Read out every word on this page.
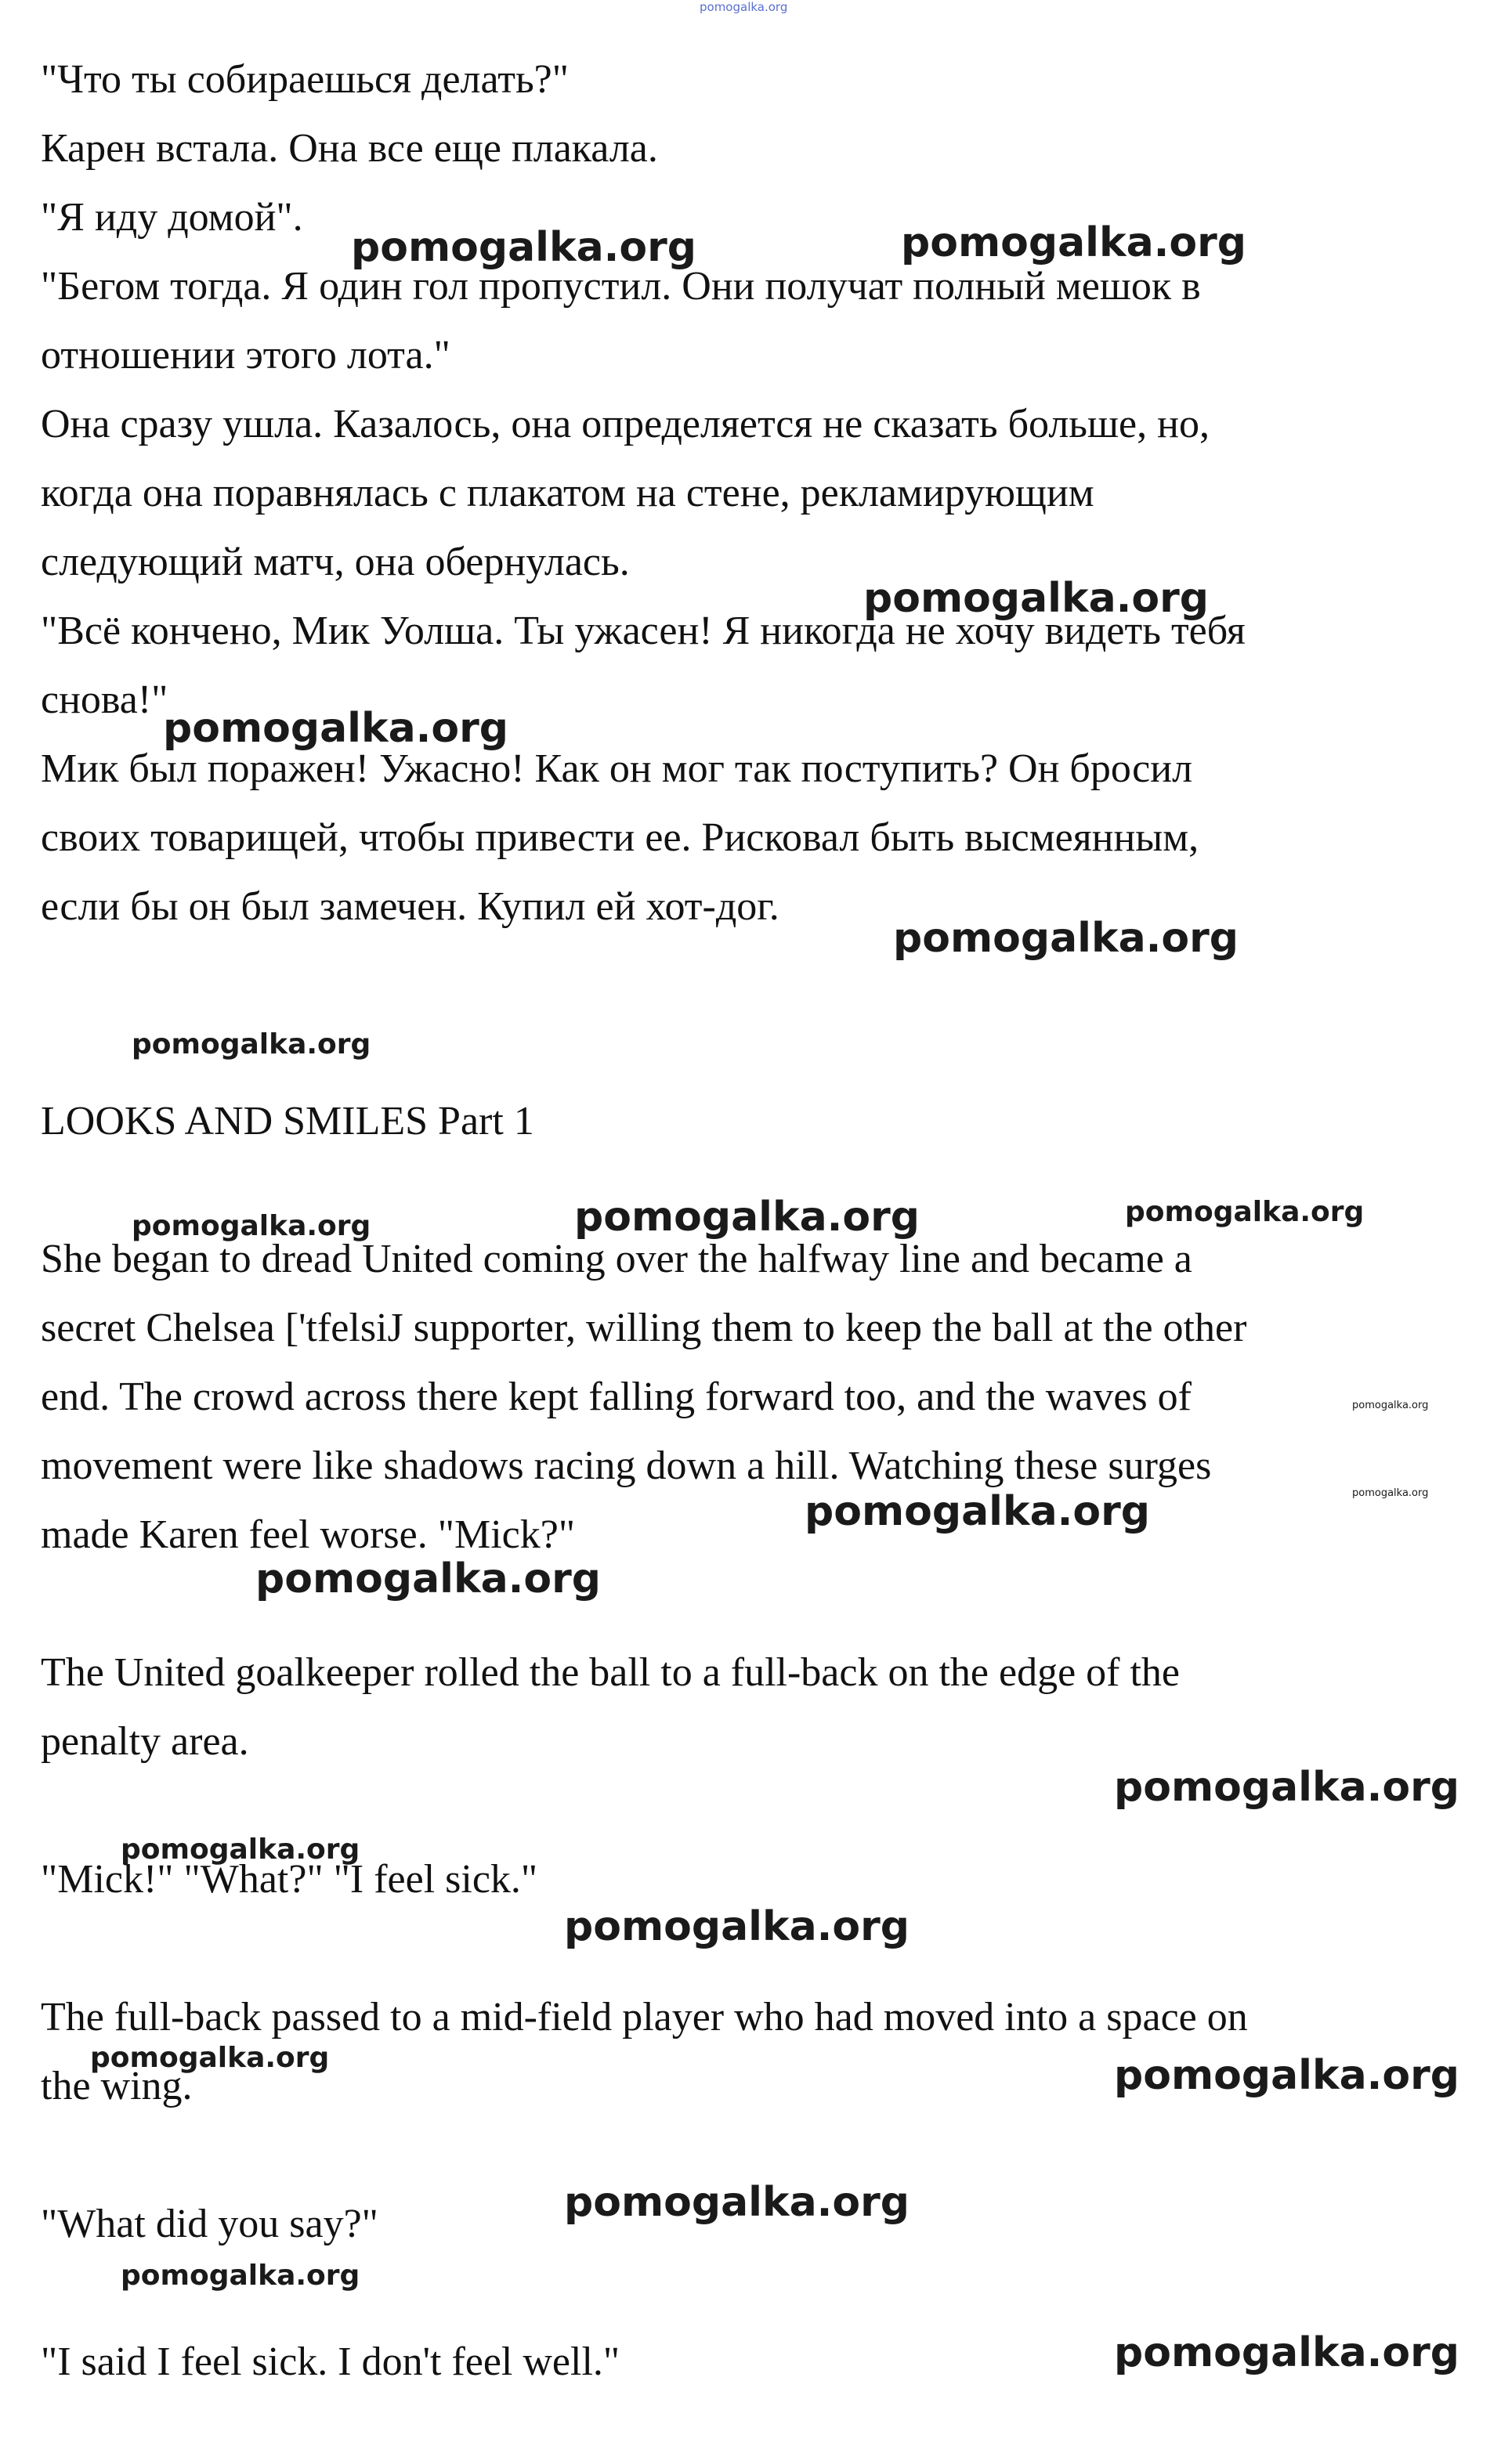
pomogalka.org
"Что ты собираешься делать?"
Карен встала. Она все еще плакала.
"Я иду домой".
"Бегом тогда. Я один гол пропустил. Они получат полный мешок в
отношении этого лота."
Она сразу ушла. Казалось, она определяется не сказать больше, но,
когда она поравнялась с плакатом на стене, рекламирующим
следующий матч, она обернулась.
"Всё кончено, Мик Уолша. Ты ужасен! Я никогда не хочу видеть тебя
снова!"
Мик был поражен! Ужасно! Как он мог так поступить? Он бросил
своих товарищей, чтобы привести ее. Рисковал быть высмеянным,
если бы он был замечен. Купил ей хот-дог.
LOOKS AND SMILES Part 1
She began to dread United coming over the halfway line and became a
secret Chelsea ['tfelsiJ supporter, willing them to keep the ball at the other
end. The crowd across there kept falling forward too, and the waves of
movement were like shadows racing down a hill. Watching these surges
made Karen feel worse. "Mick?"
The United goalkeeper rolled the ball to a full-back on the edge of the
penalty area.
"Mick!" "What?" "I feel sick."
The full-back passed to a mid-field player who had moved into a space on
the wing.
"What did you say?"
"I said I feel sick. I don't feel well."
pomogalka.org	pomogalka.org
pomogalka.org
pomogalka.org
pomogalka.org
pomogalka.org
pomogalka.org
pomogalka.org	pomogalka.org
pomogalka.org
pomogalka.org
pomogalka.org
pomogalka.org
pomogalka.org
pomogalka.org
pomogalka.org
pomogalka.org	pomogalka.org
pomogalka.org
pomogalka.org
pomogalka.org
